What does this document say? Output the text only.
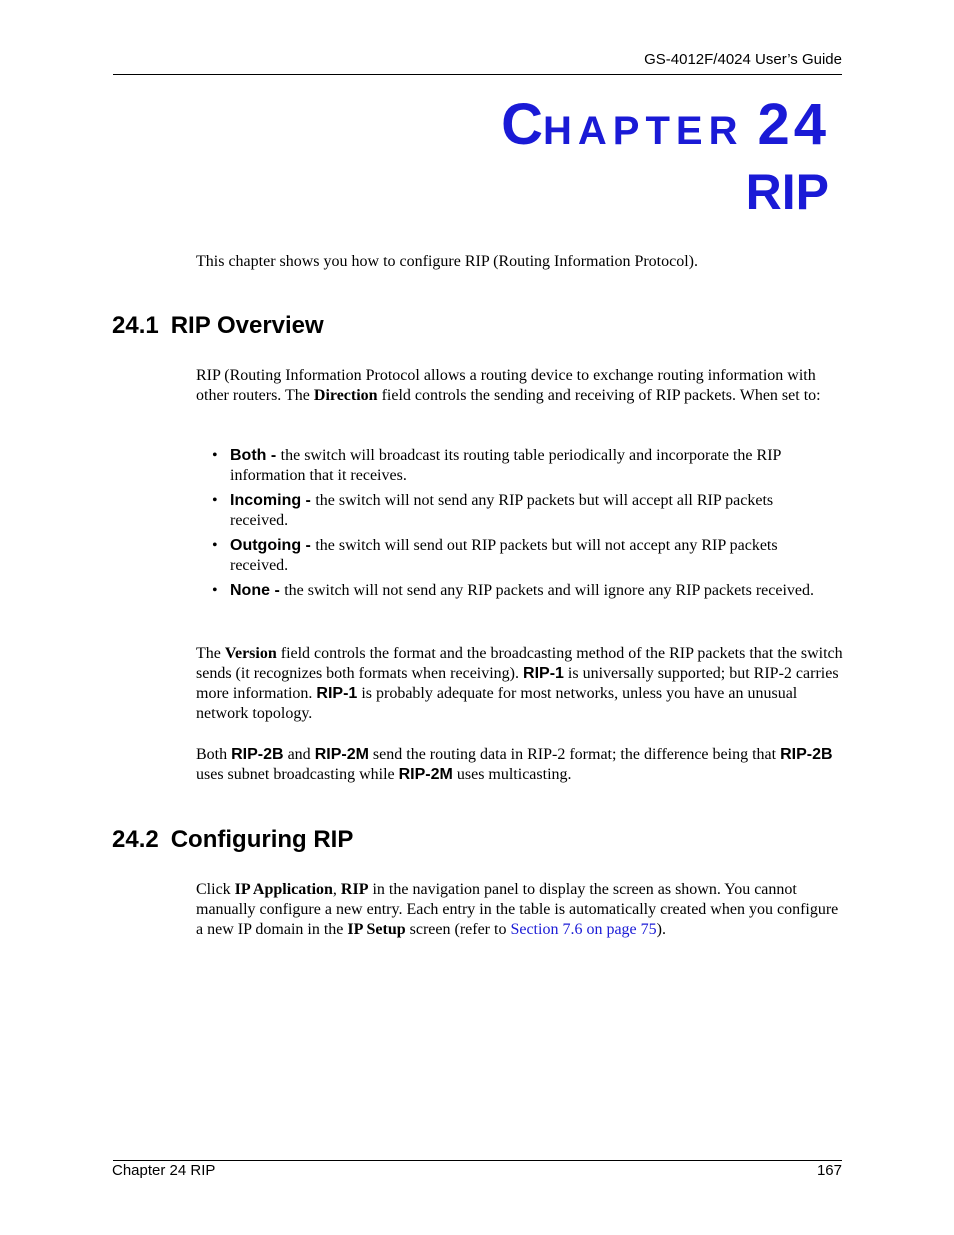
GS-4012F/4024 User’s Guide
CHAPTER 24
RIP
This chapter shows you how to configure RIP (Routing Information Protocol).
24.1 RIP Overview
RIP (Routing Information Protocol allows a routing device to exchange routing information with other routers. The Direction field controls the sending and receiving of RIP packets. When set to:
• Both - the switch will broadcast its routing table periodically and incorporate the RIP information that it receives.
• Incoming - the switch will not send any RIP packets but will accept all RIP packets received.
• Outgoing - the switch will send out RIP packets but will not accept any RIP packets received.
• None - the switch will not send any RIP packets and will ignore any RIP packets received.
The Version field controls the format and the broadcasting method of the RIP packets that the switch sends (it recognizes both formats when receiving). RIP-1 is universally supported; but RIP-2 carries more information. RIP-1 is probably adequate for most networks, unless you have an unusual network topology.
Both RIP-2B and RIP-2M send the routing data in RIP-2 format; the difference being that RIP-2B uses subnet broadcasting while RIP-2M uses multicasting.
24.2 Configuring RIP
Click IP Application, RIP in the navigation panel to display the screen as shown. You cannot manually configure a new entry. Each entry in the table is automatically created when you configure a new IP domain in the IP Setup screen (refer to Section 7.6 on page 75).
Chapter 24 RIP	167
